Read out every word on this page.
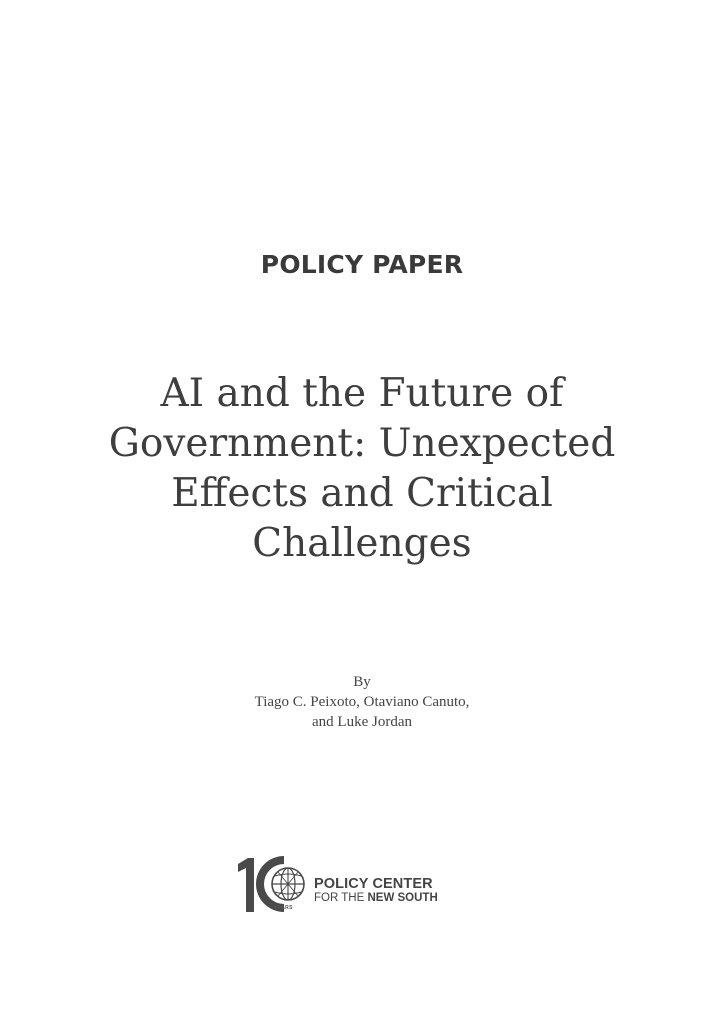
POLICY PAPER
AI and the Future of
Government: Unexpected
Effects and Critical
Challenges
By
Tiago C. Peixoto, Otaviano Canuto,
and Luke Jordan
YEARS
POLICY CENTER
FOR THE NEW SOUTH
